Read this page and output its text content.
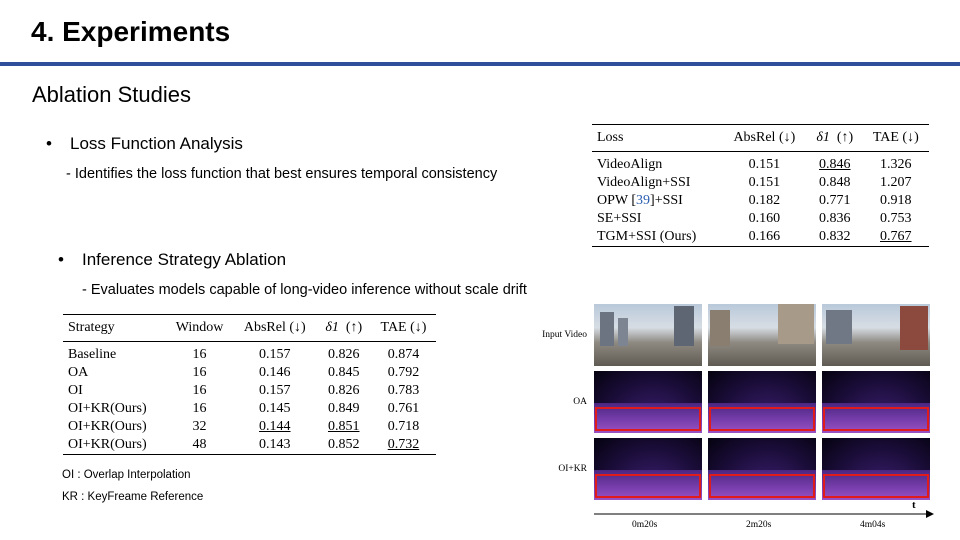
4. Experiments
Ablation Studies
• Loss Function Analysis
- Identifies the loss function that best ensures temporal consistency
• Inference Strategy Ablation
- Evaluates models capable of long-video inference without scale drift
Loss	AbsRel (↓)	δ1 (↑)	TAE (↓)
VideoAlign	0.151	0.846	1.326
VideoAlign+SSI	0.151	0.848	1.207
OPW [39]+SSI	0.182	0.771	0.918
SE+SSI	0.160	0.836	0.753
TGM+SSI (Ours)	0.166	0.832	0.767
Strategy	Window	AbsRel (↓)	δ1 (↑)	TAE (↓)
Baseline	16	0.157	0.826	0.874
OA	16	0.146	0.845	0.792
OI	16	0.157	0.826	0.783
OI+KR(Ours)	16	0.145	0.849	0.761
OI+KR(Ours)	32	0.144	0.851	0.718
OI+KR(Ours)	48	0.143	0.852	0.732
OI : Overlap Interpolation
KR : KeyFreame Reference
Input Video
OA
OI+KR
t
0m20s	2m20s	4m04s
